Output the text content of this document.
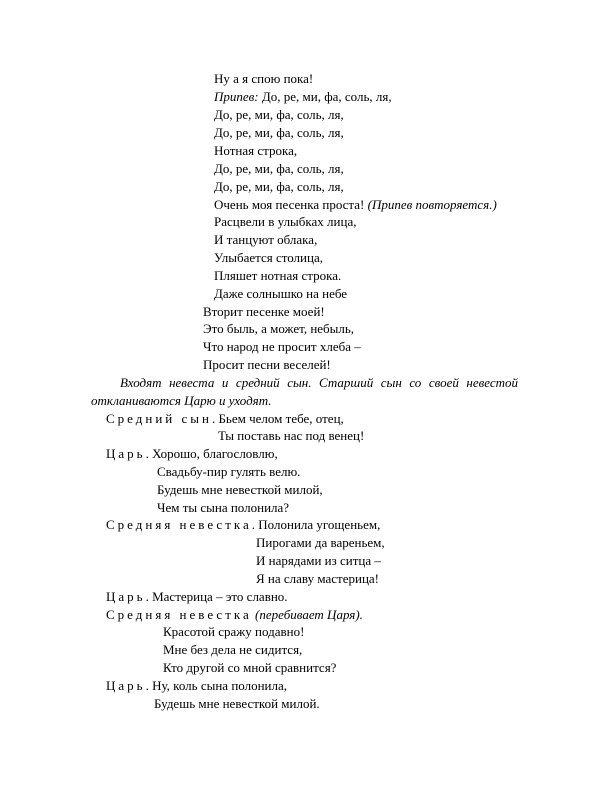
Ну а я спою пока!
Припев: До, ре, ми, фа, соль, ля,
До, ре, ми, фа, соль, ля,
До, ре, ми, фа, соль, ля,
Нотная строка,
До, ре, ми, фа, соль, ля,
До, ре, ми, фа, соль, ля,
Очень моя песенка проста! (Припев повторяется.)
Расцвели в улыбках лица,
И танцуют облака,
Улыбается столица,
Пляшет нотная строка.
Даже солнышко на небе
Вторит песенке моей!
Это быль, а может, небыль,
Что народ не просит хлеба –
Просит песни веселей!
Входят невеста и средний сын. Старший сын со своей невестой
откланиваются Царю и уходят.
Средний сын. Бьем челом тебе, отец,
Ты поставь нас под венец!
Царь. Хорошо, благословлю,
Свадьбу-пир гулять велю.
Будешь мне невесткой милой,
Чем ты сына полонила?
Средняя невестка. Полонила угощеньем,
Пирогами да вареньем,
И нарядами из ситца –
Я на славу мастерица!
Царь. Мастерица – это славно.
Средняя невестка (перебивает Царя).
Красотой сражу подавно!
Мне без дела не сидится,
Кто другой со мной сравнится?
Царь. Ну, коль сына полонила,
Будешь мне невесткой милой.
